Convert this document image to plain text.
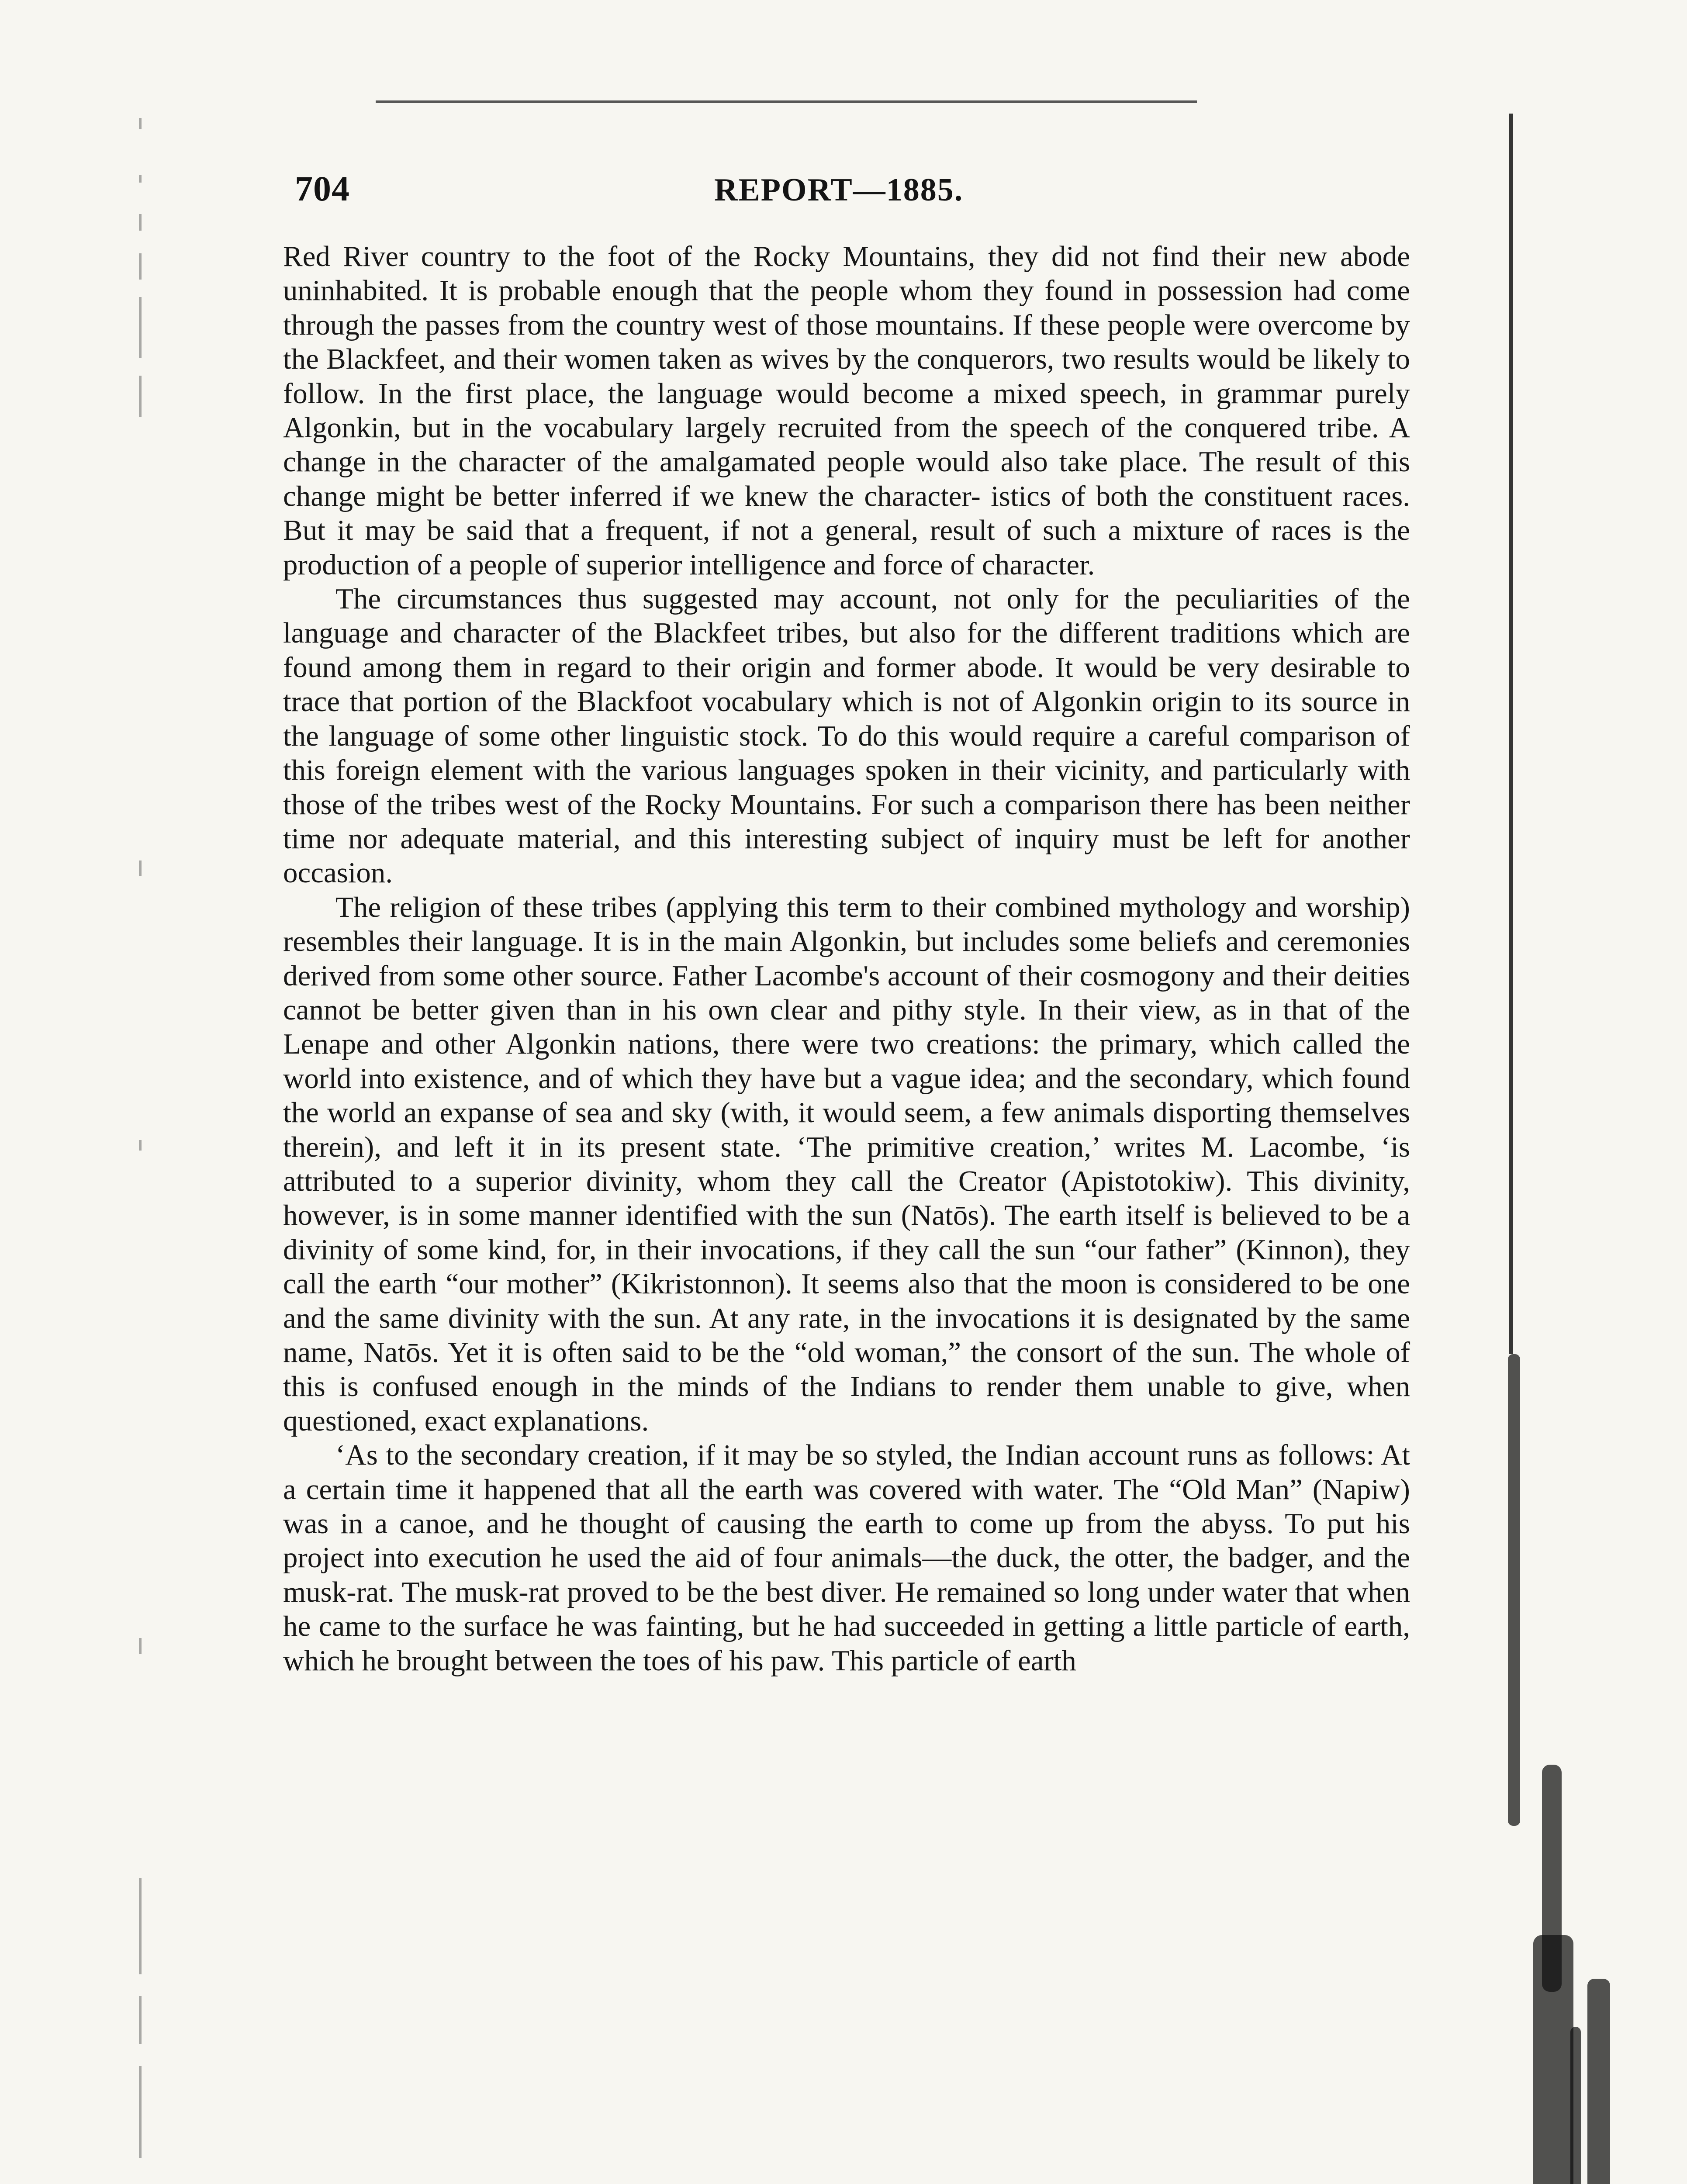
704	REPORT—1885.

Red River country to the foot of the Rocky Mountains, they did not find their new abode uninhabited. It is probable enough that the people whom they found in possession had come through the passes from the country west of those mountains. If these people were overcome by the Blackfeet, and their women taken as wives by the conquerors, two results would be likely to follow. In the first place, the language would become a mixed speech, in grammar purely Algonkin, but in the vocabulary largely recruited from the speech of the conquered tribe. A change in the character of the amalgamated people would also take place. The result of this change might be better inferred if we knew the character- istics of both the constituent races. But it may be said that a frequent, if not a general, result of such a mixture of races is the production of a people of superior intelligence and force of character.

The circumstances thus suggested may account, not only for the peculiarities of the language and character of the Blackfeet tribes, but also for the different traditions which are found among them in regard to their origin and former abode. It would be very desirable to trace that portion of the Blackfoot vocabulary which is not of Algonkin origin to its source in the language of some other linguistic stock. To do this would require a careful comparison of this foreign element with the various languages spoken in their vicinity, and particularly with those of the tribes west of the Rocky Mountains. For such a comparison there has been neither time nor adequate material, and this interesting subject of inquiry must be left for another occasion.

The religion of these tribes (applying this term to their combined mythology and worship) resembles their language. It is in the main Algonkin, but includes some beliefs and ceremonies derived from some other source. Father Lacombe's account of their cosmogony and their deities cannot be better given than in his own clear and pithy style. In their view, as in that of the Lenape and other Algonkin nations, there were two creations: the primary, which called the world into existence, and of which they have but a vague idea; and the secondary, which found the world an expanse of sea and sky (with, it would seem, a few animals disporting themselves therein), and left it in its present state. ‘The primitive creation,’ writes M. Lacombe, ‘is attributed to a superior divinity, whom they call the Creator (Apistotokiw). This divinity, however, is in some manner identified with the sun (Natōs). The earth itself is believed to be a divinity of some kind, for, in their invocations, if they call the sun “our father” (Kinnon), they call the earth “our mother” (Kikristonnon). It seems also that the moon is considered to be one and the same divinity with the sun. At any rate, in the invocations it is designated by the same name, Natōs. Yet it is often said to be the “old woman,” the consort of the sun. The whole of this is confused enough in the minds of the Indians to render them unable to give, when questioned, exact explanations.

‘As to the secondary creation, if it may be so styled, the Indian account runs as follows: At a certain time it happened that all the earth was covered with water. The “Old Man” (Napiw) was in a canoe, and he thought of causing the earth to come up from the abyss. To put his project into execution he used the aid of four animals—the duck, the otter, the badger, and the musk-rat. The musk-rat proved to be the best diver. He remained so long under water that when he came to the surface he was fainting, but he had succeeded in getting a little particle of earth, which he brought between the toes of his paw. This particle of earth
